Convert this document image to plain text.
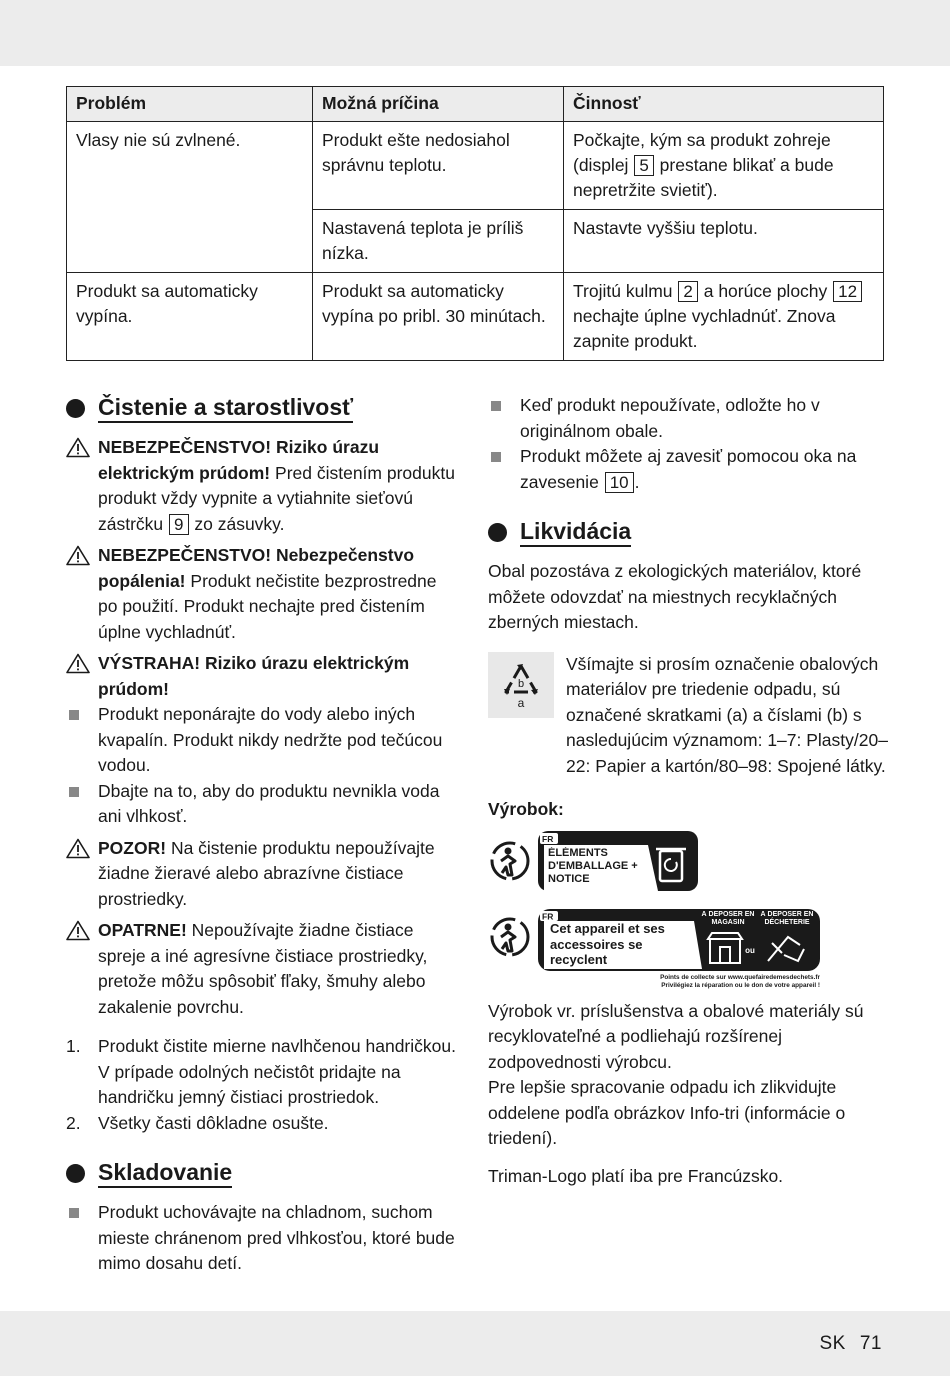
Problém	Možná príčina	Činnosť
Vlasy nie sú zvlnené.	Produkt ešte nedosiahol správnu teplotu.	Počkajte, kým sa produkt zohreje (displej 5 prestane blikať a bude nepretržite svietiť).
	Nastavená teplota je príliš nízka.	Nastavte vyššiu teplotu.
Produkt sa automaticky vypína.	Produkt sa automaticky vypína po pribl. 30 minútach.	Trojitú kulmu 2 a horúce plochy 12 nechajte úplne vychladnúť. Znova zapnite produkt.
Čistenie a starostlivosť
NEBEZPEČENSTVO! Riziko úrazu elektrickým prúdom! Pred čistením produktu produkt vždy vypnite a vytiahnite sieťovú zástrčku 9 zo zásuvky.
NEBEZPEČENSTVO! Nebezpečenstvo popálenia! Produkt nečistite bezprostredne po použití. Produkt nechajte pred čistením úplne vychladnúť.
VÝSTRAHA! Riziko úrazu elektrickým prúdom!
Produkt neponárajte do vody alebo iných kvapalín. Produkt nikdy nedržte pod tečúcou vodou.
Dbajte na to, aby do produktu nevnikla voda ani vlhkosť.
POZOR! Na čistenie produktu nepoužívajte žiadne žieravé alebo abrazívne čistiace prostriedky.
OPATRNE! Nepoužívajte žiadne čistiace spreje a iné agresívne čistiace prostriedky, pretože môžu spôsobiť fľaky, šmuhy alebo zakalenie povrchu.
1. Produkt čistite mierne navlhčenou handričkou. V prípade odolných nečistôt pridajte na handričku jemný čistiaci prostriedok.
2. Všetky časti dôkladne osušte.
Skladovanie
Produkt uchovávajte na chladnom, suchom mieste chránenom pred vlhkosťou, ktoré bude mimo dosahu detí.
Keď produkt nepoužívate, odložte ho v originálnom obale.
Produkt môžete aj zavesiť pomocou oka na zavesenie 10 .
Likvidácia

Obal pozostáva z ekologických materiálov, ktoré môžete odovzdať na miestnych recyklačných zberných miestach.

b
a

Všímajte si prosím označenie obalových materiálov pre triedenie odpadu, sú označené skratkami (a) a číslami (b) s nasledujúcim významom: 1–7: Plasty/20–22: Papier a kartón/80–98: Spojené látky.

Výrobok:
FR
ÉLÉMENTS D'EMBALLAGE + NOTICE
FR
Cet appareil et ses accessoires se recyclent
À DÉPOSER EN MAGASIN
À DÉPOSER EN DÉCHETERIE
ou
Points de collecte sur www.quefairedemesdechets.fr
Privilégiez la réparation ou le don de votre appareil !

Výrobok vr. príslušenstva a obalové materiály sú recyklovateľné a podliehajú rozšírenej zodpovednosti výrobcu.

Pre lepšie spracovanie odpadu ich zlikvidujte oddelene podľa obrázkov Info-tri (informácie o triedení).

Triman-Logo platí iba pre Francúzsko.

SK 71
